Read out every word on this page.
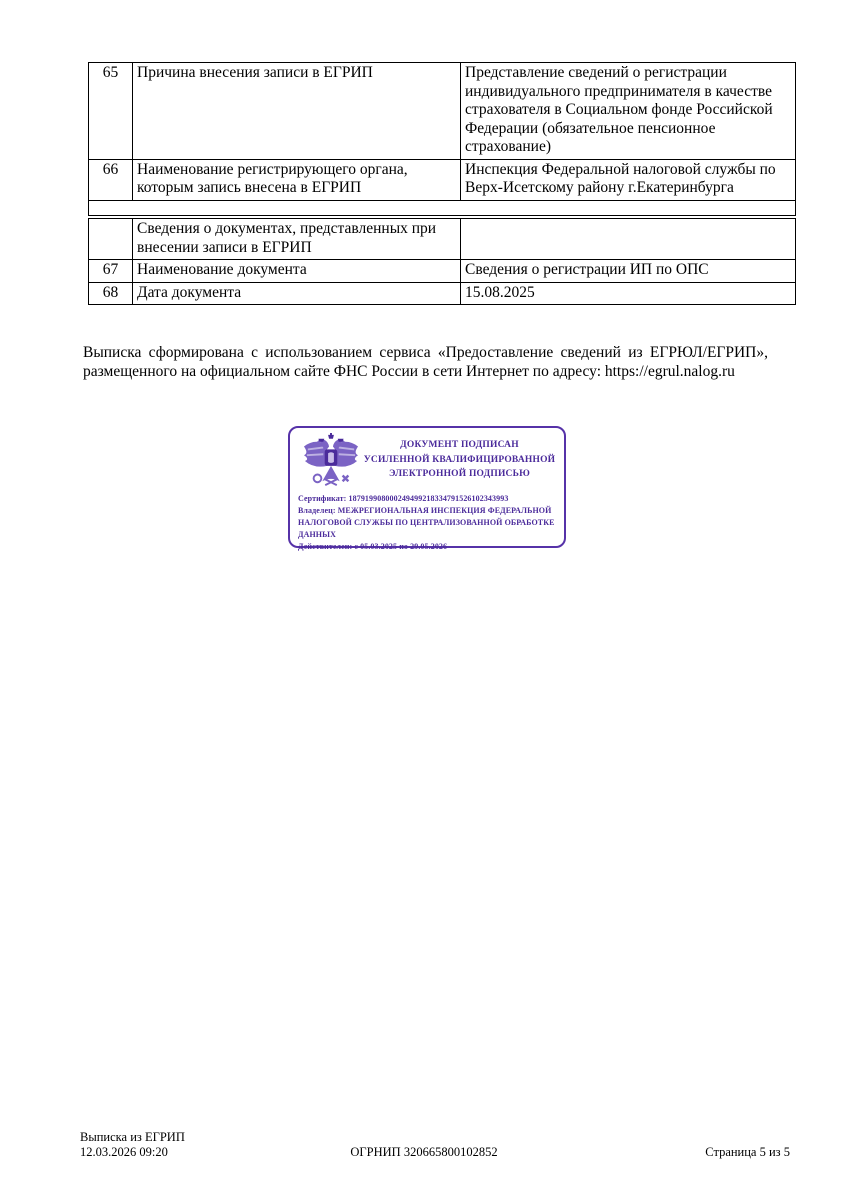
65	Причина внесения записи в ЕГРИП	Представление сведений о регистрации индивидуального предпринимателя в качестве страхователя в Социальном фонде Российской Федерации (обязательное пенсионное страхование)
66	Наименование регистрирующего органа, которым запись внесена в ЕГРИП	Инспекция Федеральной налоговой службы по Верх-Исетскому району г.Екатеринбурга

	Сведения о документах, представленных при внесении записи в ЕГРИП	
67	Наименование документа	Сведения о регистрации ИП по ОПС
68	Дата документа	15.08.2025
Выписка сформирована с использованием сервиса «Предоставление сведений из ЕГРЮЛ/ЕГРИП», размещенного на официальном сайте ФНС России в сети Интернет по адресу: https://egrul.nalog.ru
ДОКУМЕНТ ПОДПИСАН
УСИЛЕННОЙ КВАЛИФИЦИРОВАННОЙ
ЭЛЕКТРОННОЙ ПОДПИСЬЮ
Сертификат: 187919908000249499218334791526102343993
Владелец: МЕЖРЕГИОНАЛЬНАЯ ИНСПЕКЦИЯ ФЕДЕРАЛЬНОЙ НАЛОГОВОЙ СЛУЖБЫ ПО ЦЕНТРАЛИЗОВАННОЙ ОБРАБОТКЕ ДАННЫХ
Действителен: с 05.03.2025 по 29.05.2026
Выписка из ЕГРИП
12.03.2026 09:20	ОГРНИП 320665800102852	Страница 5 из 5
